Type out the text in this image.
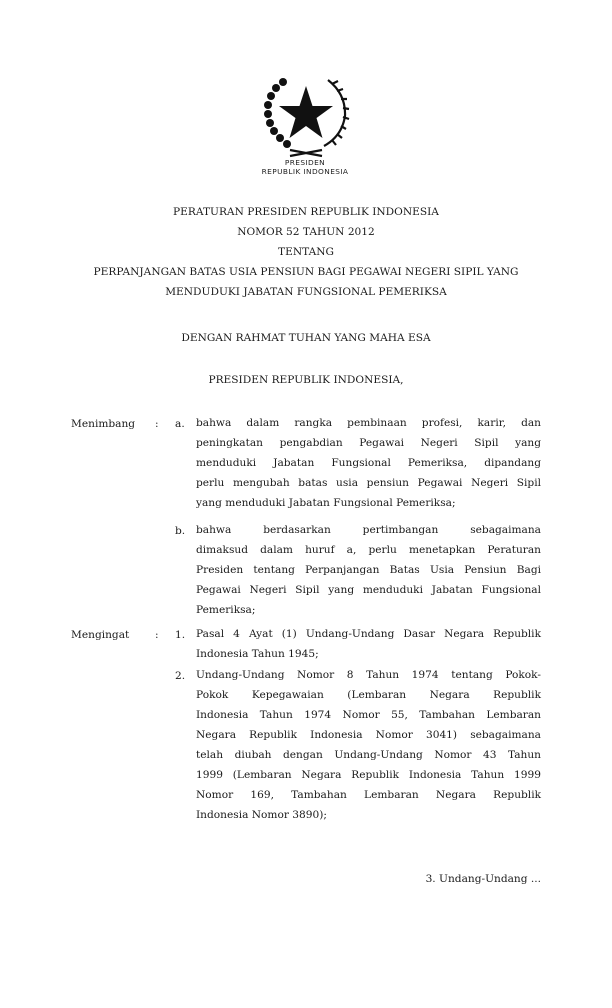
PRESIDEN
REPUBLIK INDONESIA
PERATURAN PRESIDEN REPUBLIK INDONESIA
NOMOR 52 TAHUN 2012
TENTANG
PERPANJANGAN BATAS USIA PENSIUN BAGI PEGAWAI NEGERI SIPIL YANG
MENDUDUKI JABATAN FUNGSIONAL PEMERIKSA
DENGAN RAHMAT TUHAN YANG MAHA ESA
PRESIDEN REPUBLIK INDONESIA,
Menimbang : a. bahwa dalam rangka pembinaan profesi, karir, dan
peningkatan pengabdian Pegawai Negeri Sipil yang
menduduki Jabatan Fungsional Pemeriksa, dipandang
perlu mengubah batas usia pensiun Pegawai Negeri Sipil
yang menduduki Jabatan Fungsional Pemeriksa;
b. bahwa berdasarkan pertimbangan sebagaimana
dimaksud dalam huruf a, perlu menetapkan Peraturan
Presiden tentang Perpanjangan Batas Usia Pensiun Bagi
Pegawai Negeri Sipil yang menduduki Jabatan Fungsional
Pemeriksa;
Mengingat : 1. Pasal 4 Ayat (1) Undang-Undang Dasar Negara Republik
Indonesia Tahun 1945;
2. Undang-Undang Nomor 8 Tahun 1974 tentang Pokok-
Pokok Kepegawaian (Lembaran Negara Republik
Indonesia Tahun 1974 Nomor 55, Tambahan Lembaran
Negara Republik Indonesia Nomor 3041) sebagaimana
telah diubah dengan Undang-Undang Nomor 43 Tahun
1999 (Lembaran Negara Republik Indonesia Tahun 1999
Nomor 169, Tambahan Lembaran Negara Republik
Indonesia Nomor 3890);
3. Undang-Undang ...
